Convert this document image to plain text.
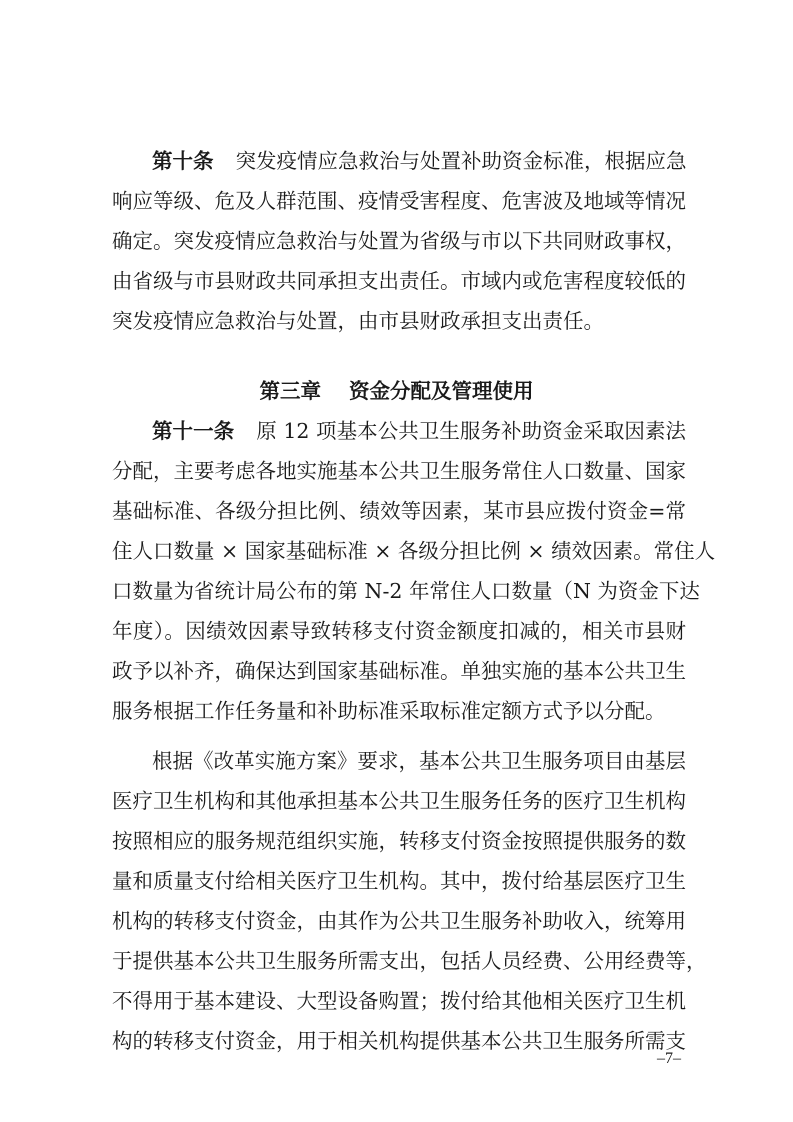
第十条 突发疫情应急救治与处置补助资金标准，根据应急
响应等级、危及人群范围、疫情受害程度、危害波及地域等情况
确定。突发疫情应急救治与处置为省级与市以下共同财政事权，
由省级与市县财政共同承担支出责任。市域内或危害程度较低的
突发疫情应急救治与处置，由市县财政承担支出责任。
第三章 资金分配及管理使用
第十一条 原 12 项基本公共卫生服务补助资金采取因素法
分配，主要考虑各地实施基本公共卫生服务常住人口数量、国家
基础标准、各级分担比例、绩效等因素，某市县应拨付资金=常
住人口数量 × 国家基础标准 × 各级分担比例 × 绩效因素。常住人
口数量为省统计局公布的第 N-2 年常住人口数量（N 为资金下达
年度）。因绩效因素导致转移支付资金额度扣减的，相关市县财
政予以补齐，确保达到国家基础标准。单独实施的基本公共卫生
服务根据工作任务量和补助标准采取标准定额方式予以分配。
根据《改革实施方案》要求，基本公共卫生服务项目由基层
医疗卫生机构和其他承担基本公共卫生服务任务的医疗卫生机构
按照相应的服务规范组织实施，转移支付资金按照提供服务的数
量和质量支付给相关医疗卫生机构。其中，拨付给基层医疗卫生
机构的转移支付资金，由其作为公共卫生服务补助收入，统筹用
于提供基本公共卫生服务所需支出，包括人员经费、公用经费等，
不得用于基本建设、大型设备购置；拨付给其他相关医疗卫生机
构的转移支付资金，用于相关机构提供基本公共卫生服务所需支
–7–
